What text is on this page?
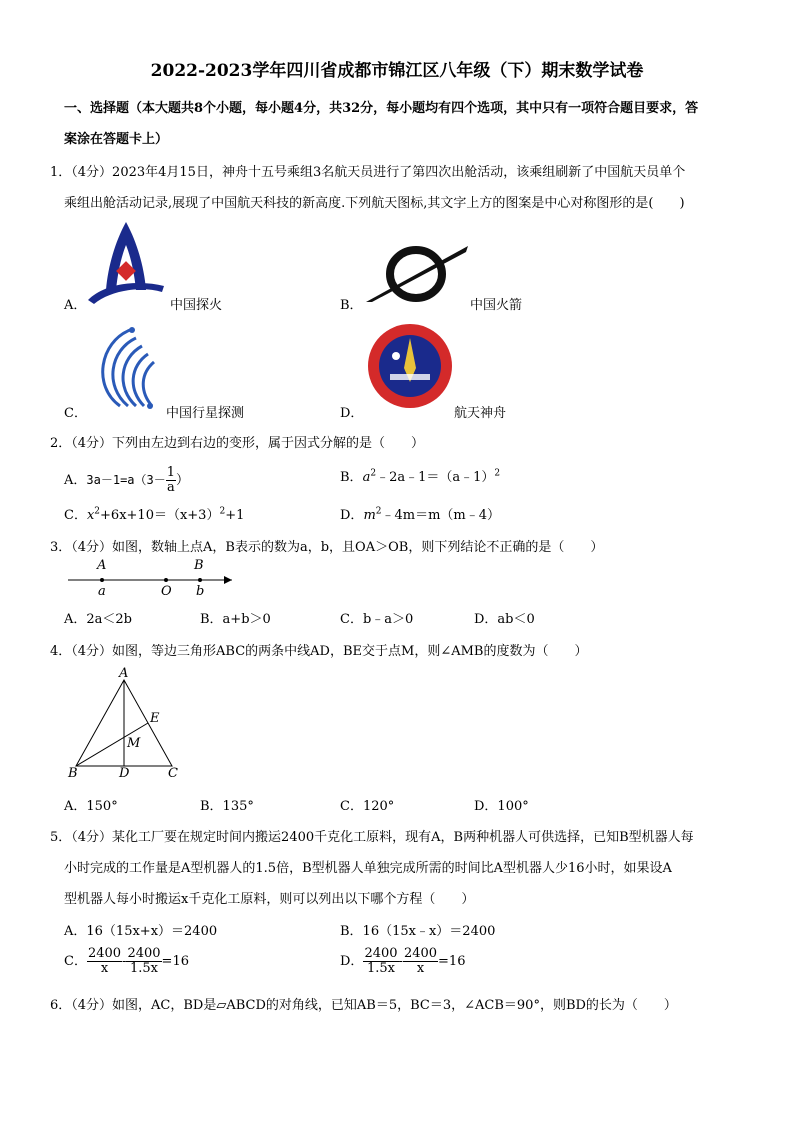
2022-2023学年四川省成都市锦江区八年级（下）期末数学试卷
一、选择题（本大题共8个小题，每小题4分，共32分，每小题均有四个选项，其中只有一项符合题目要求，答
案涂在答题卡上）
1．（4分）2023年4月15日，神舟十五号乘组3名航天员进行了第四次出舱活动，该乘组刷新了中国航天员单个
乘组出舱活动记录,展现了中国航天科技的新高度.下列航天图标,其文字上方的图案是中心对称图形的是(　　)
A．	中国探火	B．	中国火箭
C．	中国行星探测	D．	航天神舟
2．（4分）下列由左边到右边的变形，属于因式分解的是（　　）
A．$3a-1=a(3- \frac{1}{a}$ ）	B．$a^2﹣2a﹣1=(a﹣1)^2$
C．$x^2+6x+10=(x+3)^2+1$	D．$m^2﹣4m=m(m﹣4)$
3．（4分）如图，数轴上点A，B表示的数为a，b，且OA＞OB，则下列结论不正确的是（　　）
A	B
a	O b
A．2a＜2b	B．a+b＞0	C．b﹣a＞0	D．ab＜0
4．（4分）如图，等边三角形ABC的两条中线AD，BE交于点M，则∠AMB的度数为（　　）
A
E
M
B	D	C
A．150°	B．135°	C．120°	D．100°
5．（4分）某化工厂要在规定时间内搬运2400千克化工原料，现有A，B两种机器人可供选择，已知B型机器人每
小时完成的工作量是A型机器人的1.5倍，B型机器人单独完成所需的时间比A型机器人少16小时，如果设A
型机器人每小时搬运x千克化工原料，则可以列出以下哪个方程（　　）
A．16（15x+x）＝2400	B．16（15x﹣x）＝2400
C． $\frac{2400}{x} - \frac{2400}{1.5x} =16$	D． $\frac{2400}{1.5x} - \frac{2400}{x} =16$
6．（4分）如图，AC，BD是▱ABCD的对角线，已知AB＝5，BC＝3，∠ACB＝90°，则BD的长为（　　）
